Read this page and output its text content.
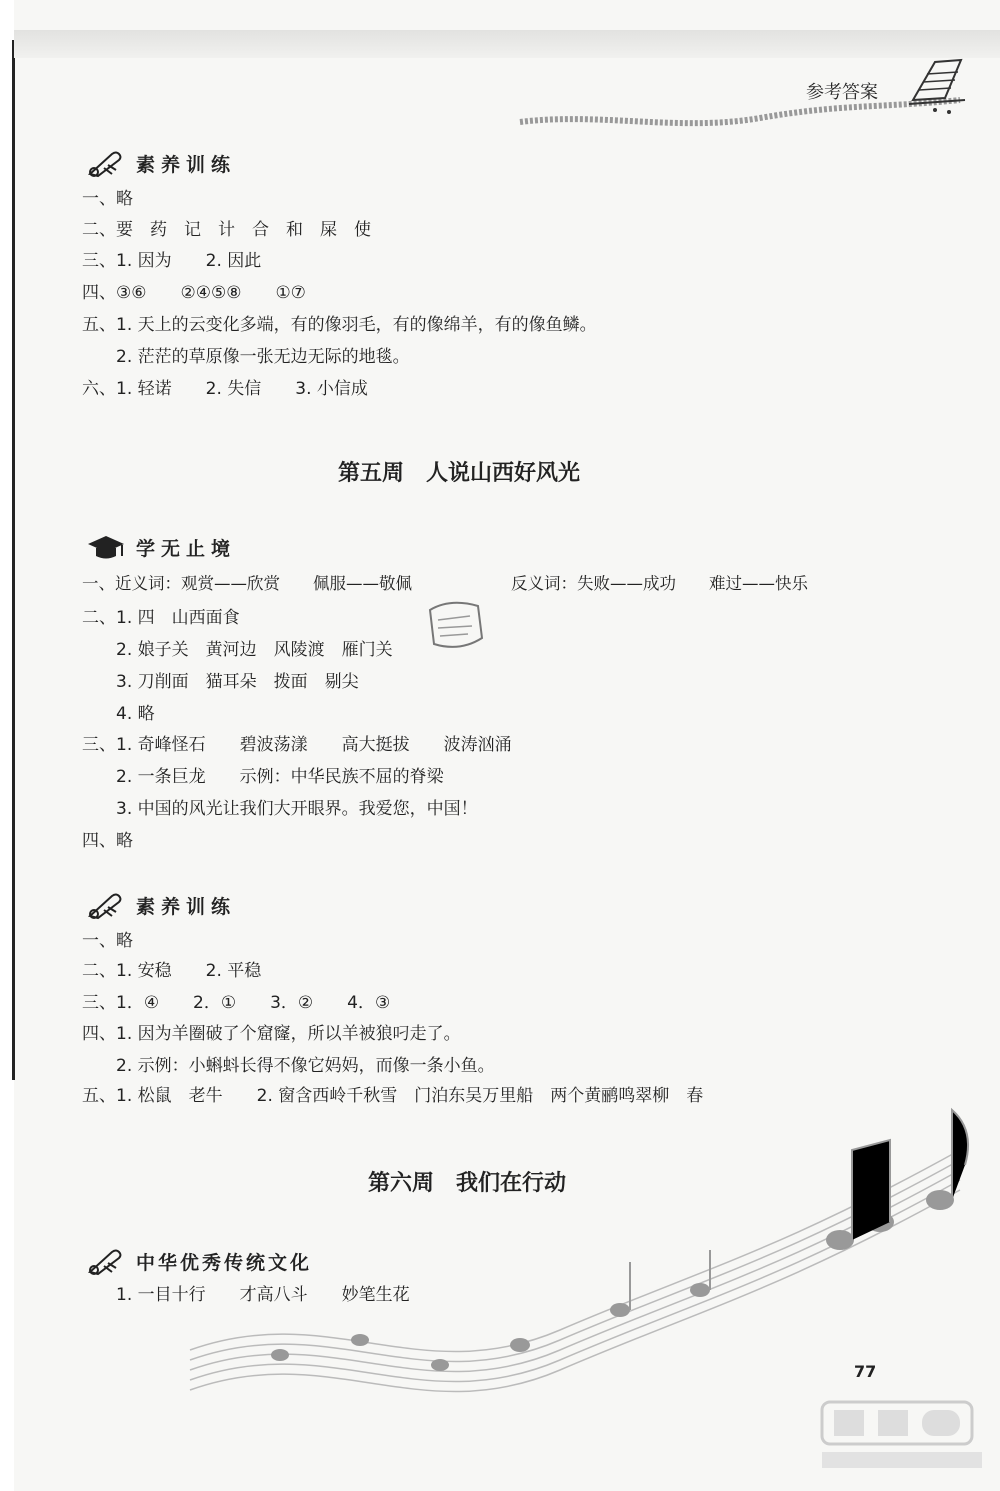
参考答案
素养训练
学无止境
素养训练
中华优秀传统文化
第五周　人说山西好风光
第六周　我们在行动
一、略
二、要　药　记　计　合　和　屎　使
三、1. 因为　　2. 因此
四、③⑥　　②④⑤⑧　　①⑦
五、1. 天上的云变化多端，有的像羽毛，有的像绵羊，有的像鱼鳞。
　　2. 茫茫的草原像一张无边无际的地毯。
六、1. 轻诺　　2. 失信　　3. 小信成
一、近义词：观赏——欣赏　　佩服——敬佩　　　　　　反义词：失败——成功　　难过——快乐
二、1. 四　山西面食
　　2. 娘子关　黄河边　风陵渡　雁门关
　　3. 刀削面　猫耳朵　拨面　剔尖
　　4. 略
三、1. 奇峰怪石　　碧波荡漾　　高大挺拔　　波涛汹涌
　　2. 一条巨龙　　示例：中华民族不屈的脊梁
　　3. 中国的风光让我们大开眼界。我爱您，中国！
四、略
一、略
二、1. 安稳　　2. 平稳
三、1．④　　2．①　　3．②　　4．③
四、1. 因为羊圈破了个窟窿，所以羊被狼叼走了。
　　2. 示例：小蝌蚪长得不像它妈妈，而像一条小鱼。
五、1. 松鼠　老牛　　2. 窗含西岭千秋雪　门泊东吴万里船　两个黄鹂鸣翠柳　春
　　1. 一目十行　　才高八斗　　妙笔生花
77
